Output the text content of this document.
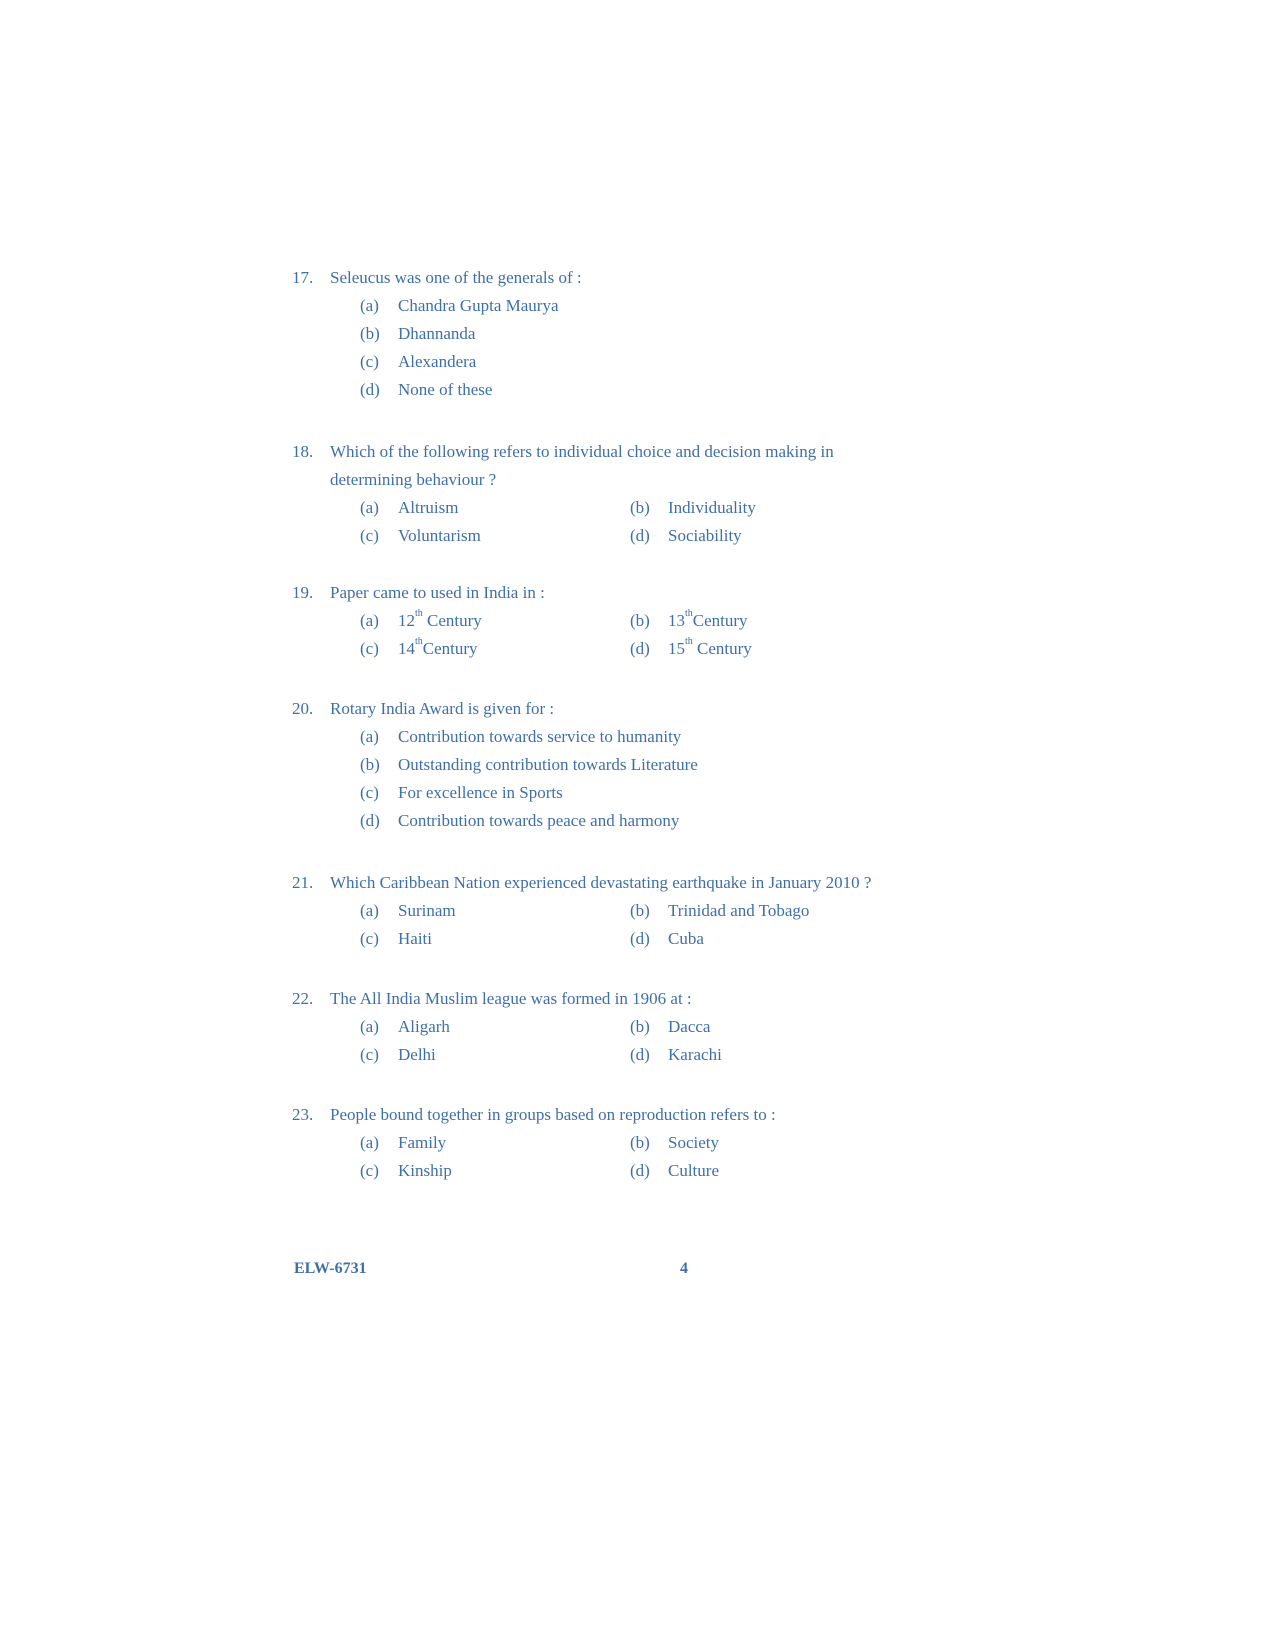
17. Seleucus was one of the generals of :
(a)	Chandra Gupta Maurya
(b)	Dhannanda
(c)	Alexandera
(d)	None of these
18. Which of the following refers to individual choice and decision making in determining behaviour ?
(a)	Altruism	(b)	Individuality
(c)	Voluntarism	(d)	Sociability
19. Paper came to used in India in :
(a)	12th Century	(b)	13thCentury
(c)	14thCentury	(d)	15th Century
20. Rotary India Award is given for :
(a)	Contribution towards service to humanity
(b)	Outstanding contribution towards Literature
(c)	For excellence in Sports
(d)	Contribution towards peace and harmony
21. Which Caribbean Nation experienced devastating earthquake in January 2010 ?
(a)	Surinam	(b)	Trinidad and Tobago
(c)	Haiti	(d)	Cuba
22. The All India Muslim league was formed in 1906 at :
(a)	Aligarh	(b)	Dacca
(c)	Delhi	(d)	Karachi
23. People bound together in groups based on reproduction refers to :
(a)	Family	(b)	Society
(c)	Kinship	(d)	Culture
ELW-6731	4
